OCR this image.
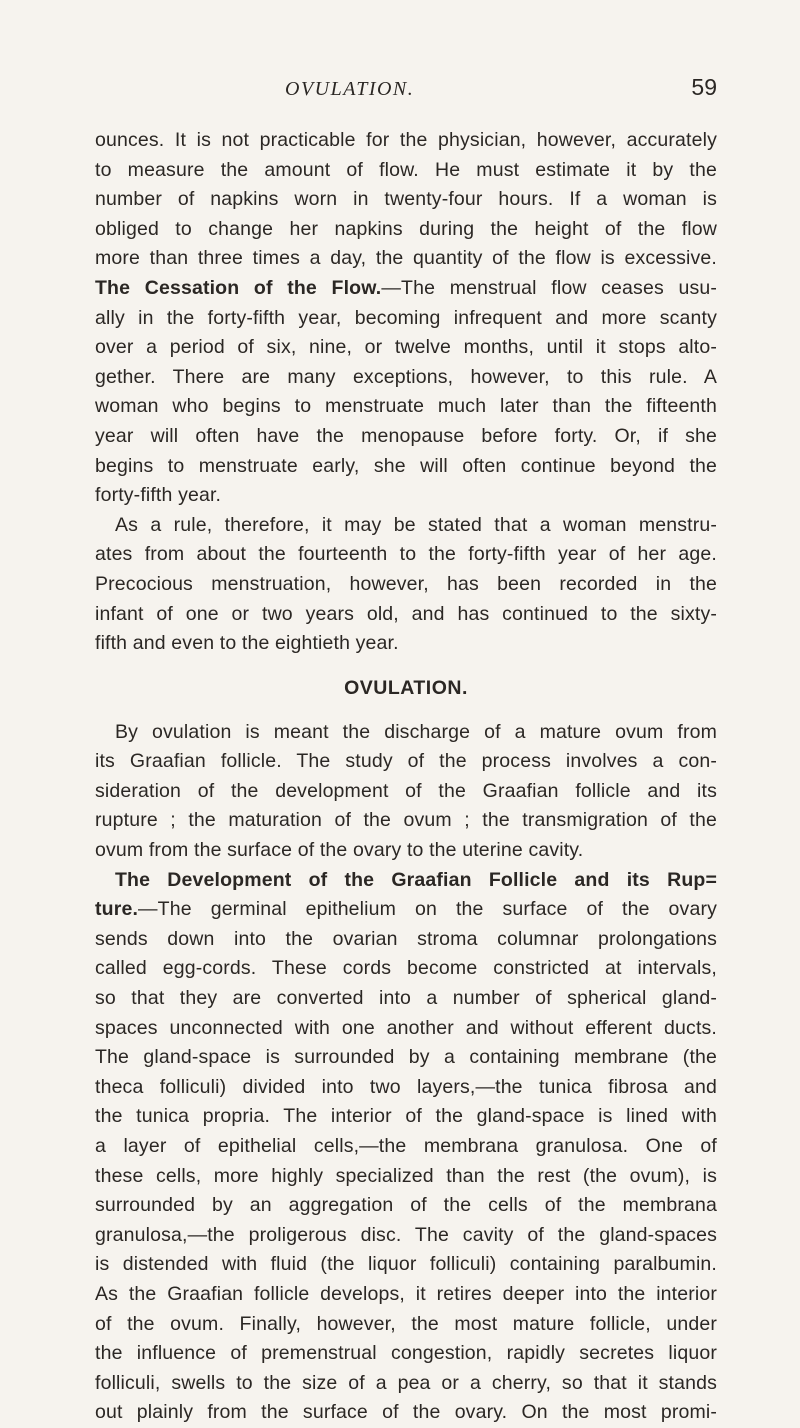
OVULATION.	59
ounces. It is not practicable for the physician, however, accurately
to measure the amount of flow. He must estimate it by the
number of napkins worn in twenty-four hours. If a woman is
obliged to change her napkins during the height of the flow
more than three times a day, the quantity of the flow is excessive.
The Cessation of the Flow.—The menstrual flow ceases usu-
ally in the forty-fifth year, becoming infrequent and more scanty
over a period of six, nine, or twelve months, until it stops alto-
gether. There are many exceptions, however, to this rule. A
woman who begins to menstruate much later than the fifteenth
year will often have the menopause before forty. Or, if she
begins to menstruate early, she will often continue beyond the
forty-fifth year.
As a rule, therefore, it may be stated that a woman menstru-
ates from about the fourteenth to the forty-fifth year of her age.
Precocious menstruation, however, has been recorded in the
infant of one or two years old, and has continued to the sixty-
fifth and even to the eightieth year.
OVULATION.
By ovulation is meant the discharge of a mature ovum from
its Graafian follicle. The study of the process involves a con-
sideration of the development of the Graafian follicle and its
rupture ; the maturation of the ovum ; the transmigration of the
ovum from the surface of the ovary to the uterine cavity.
The Development of the Graafian Follicle and its Rup=
ture.—The germinal epithelium on the surface of the ovary
sends down into the ovarian stroma columnar prolongations
called egg-cords. These cords become constricted at intervals,
so that they are converted into a number of spherical gland-
spaces unconnected with one another and without efferent ducts.
The gland-space is surrounded by a containing membrane (the
theca folliculi) divided into two layers,—the tunica fibrosa and
the tunica propria. The interior of the gland-space is lined with
a layer of epithelial cells,—the membrana granulosa. One of
these cells, more highly specialized than the rest (the ovum), is
surrounded by an aggregation of the cells of the membrana
granulosa,—the proligerous disc. The cavity of the gland-spaces
is distended with fluid (the liquor folliculi) containing paralbumin.
As the Graafian follicle develops, it retires deeper into the interior
of the ovum. Finally, however, the most mature follicle, under
the influence of premenstrual congestion, rapidly secretes liquor
folliculi, swells to the size of a pea or a cherry, so that it stands
out plainly from the surface of the ovary. On the most promi-
